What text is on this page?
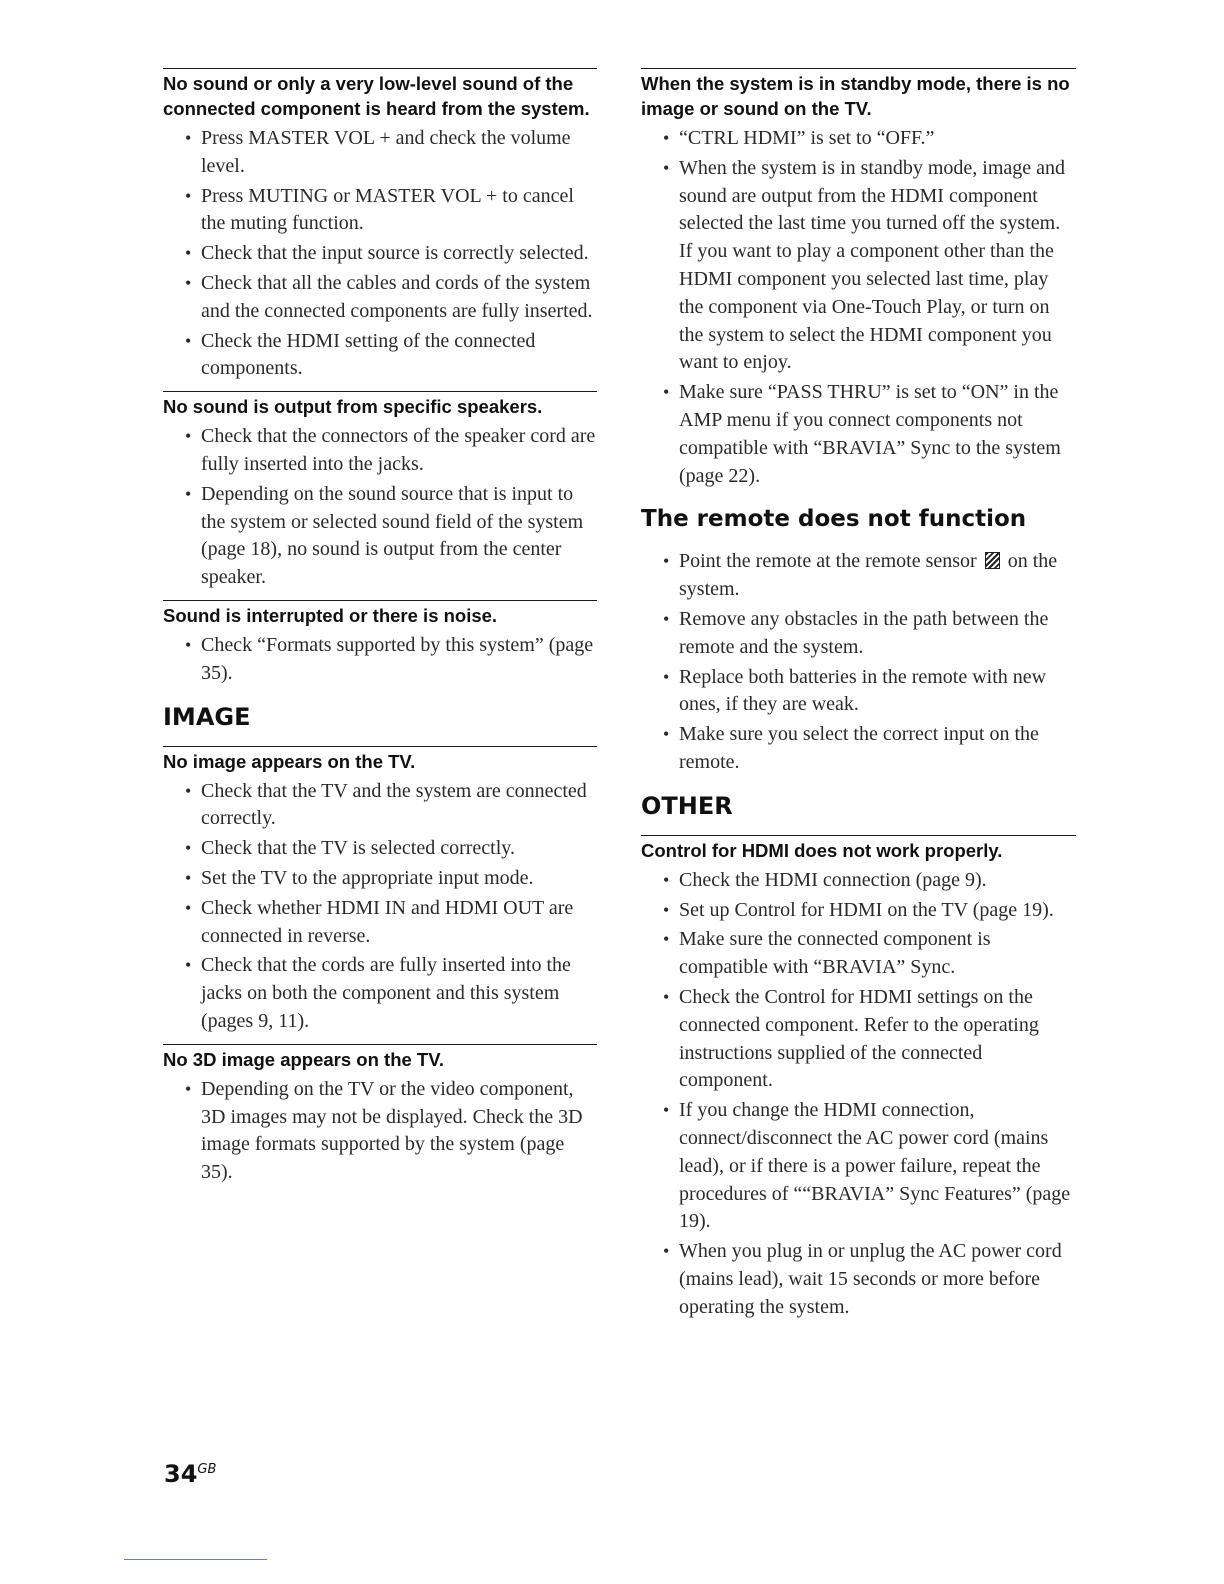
No sound or only a very low-level sound of the connected component is heard from the system.
• Press MASTER VOL + and check the volume level.
• Press MUTING or MASTER VOL + to cancel the muting function.
• Check that the input source is correctly selected.
• Check that all the cables and cords of the system and the connected components are fully inserted.
• Check the HDMI setting of the connected components.
No sound is output from specific speakers.
• Check that the connectors of the speaker cord are fully inserted into the jacks.
• Depending on the sound source that is input to the system or selected sound field of the system (page 18), no sound is output from the center speaker.
Sound is interrupted or there is noise.
• Check “Formats supported by this system” (page 35).
IMAGE
No image appears on the TV.
• Check that the TV and the system are connected correctly.
• Check that the TV is selected correctly.
• Set the TV to the appropriate input mode.
• Check whether HDMI IN and HDMI OUT are connected in reverse.
• Check that the cords are fully inserted into the jacks on both the component and this system (pages 9, 11).
No 3D image appears on the TV.
• Depending on the TV or the video component, 3D images may not be displayed. Check the 3D image formats supported by the system (page 35).
When the system is in standby mode, there is no image or sound on the TV.
• “CTRL HDMI” is set to “OFF.”
• When the system is in standby mode, image and sound are output from the HDMI component selected the last time you turned off the system. If you want to play a component other than the HDMI component you selected last time, play the component via One-Touch Play, or turn on the system to select the HDMI component you want to enjoy.
• Make sure “PASS THRU” is set to “ON” in the AMP menu if you connect components not compatible with “BRAVIA” Sync to the system (page 22).
The remote does not function
• Point the remote at the remote sensor on the system.
• Remove any obstacles in the path between the remote and the system.
• Replace both batteries in the remote with new ones, if they are weak.
• Make sure you select the correct input on the remote.
OTHER
Control for HDMI does not work properly.
• Check the HDMI connection (page 9).
• Set up Control for HDMI on the TV (page 19).
• Make sure the connected component is compatible with “BRAVIA” Sync.
• Check the Control for HDMI settings on the connected component. Refer to the operating instructions supplied of the connected component.
• If you change the HDMI connection, connect/disconnect the AC power cord (mains lead), or if there is a power failure, repeat the procedures of ““BRAVIA” Sync Features” (page 19).
• When you plug in or unplug the AC power cord (mains lead), wait 15 seconds or more before operating the system.
$34^{GB}$
